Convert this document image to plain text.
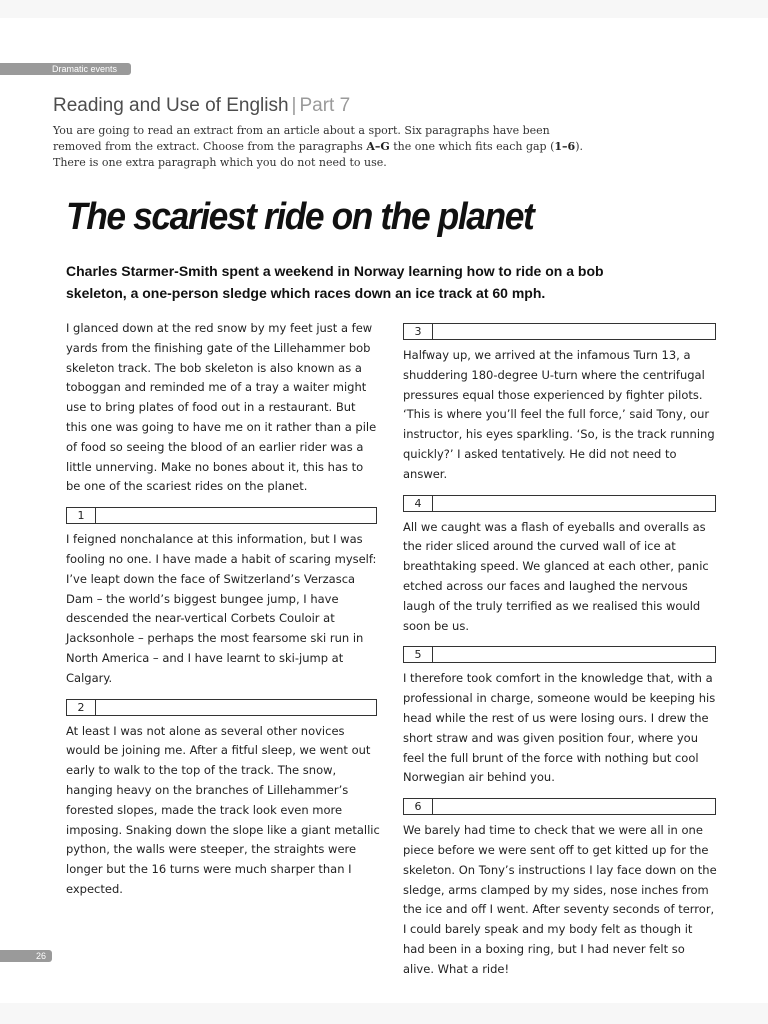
Dramatic events
Reading and Use of English | Part 7
You are going to read an extract from an article about a sport. Six paragraphs have been
removed from the extract. Choose from the paragraphs A–G the one which fits each gap (1–6).
There is one extra paragraph which you do not need to use.
The scariest ride on the planet
Charles Starmer-Smith spent a weekend in Norway learning how to ride on a bob skeleton, a one-person sledge which races down an ice track at 60 mph.

I glanced down at the red snow by my feet just a few yards from the finishing gate of the Lillehammer bob skeleton track. The bob skeleton is also known as a toboggan and reminded me of a tray a waiter might use to bring plates of food out in a restaurant. But this one was going to have me on it rather than a pile of food so seeing the blood of an earlier rider was a little unnerving. Make no bones about it, this has to be one of the scariest rides on the planet.

1

I feigned nonchalance at this information, but I was fooling no one. I have made a habit of scaring myself: I’ve leapt down the face of Switzerland’s Verzasca Dam – the world’s biggest bungee jump, I have descended the near-vertical Corbets Couloir at Jacksonhole – perhaps the most fearsome ski run in North America – and I have learnt to ski-jump at Calgary.

2

At least I was not alone as several other novices would be joining me. After a fitful sleep, we went out early to walk to the top of the track. The snow, hanging heavy on the branches of Lillehammer’s forested slopes, made the track look even more imposing. Snaking down the slope like a giant metallic python, the walls were steeper, the straights were longer but the 16 turns were much sharper than I expected.

3

Halfway up, we arrived at the infamous Turn 13, a shuddering 180-degree U-turn where the centrifugal pressures equal those experienced by fighter pilots. ‘This is where you’ll feel the full force,’ said Tony, our instructor, his eyes sparkling. ‘So, is the track running quickly?’ I asked tentatively. He did not need to answer.

4

All we caught was a flash of eyeballs and overalls as the rider sliced around the curved wall of ice at breathtaking speed. We glanced at each other, panic etched across our faces and laughed the nervous laugh of the truly terrified as we realised this would soon be us.

5

I therefore took comfort in the knowledge that, with a professional in charge, someone would be keeping his head while the rest of us were losing ours. I drew the short straw and was given position four, where you feel the full brunt of the force with nothing but cool Norwegian air behind you.

6

We barely had time to check that we were all in one piece before we were sent off to get kitted up for the skeleton. On Tony’s instructions I lay face down on the sledge, arms clamped by my sides, nose inches from the ice and off I went. After seventy seconds of terror, I could barely speak and my body felt as though it had been in a boxing ring, but I had never felt so alive. What a ride!

26
